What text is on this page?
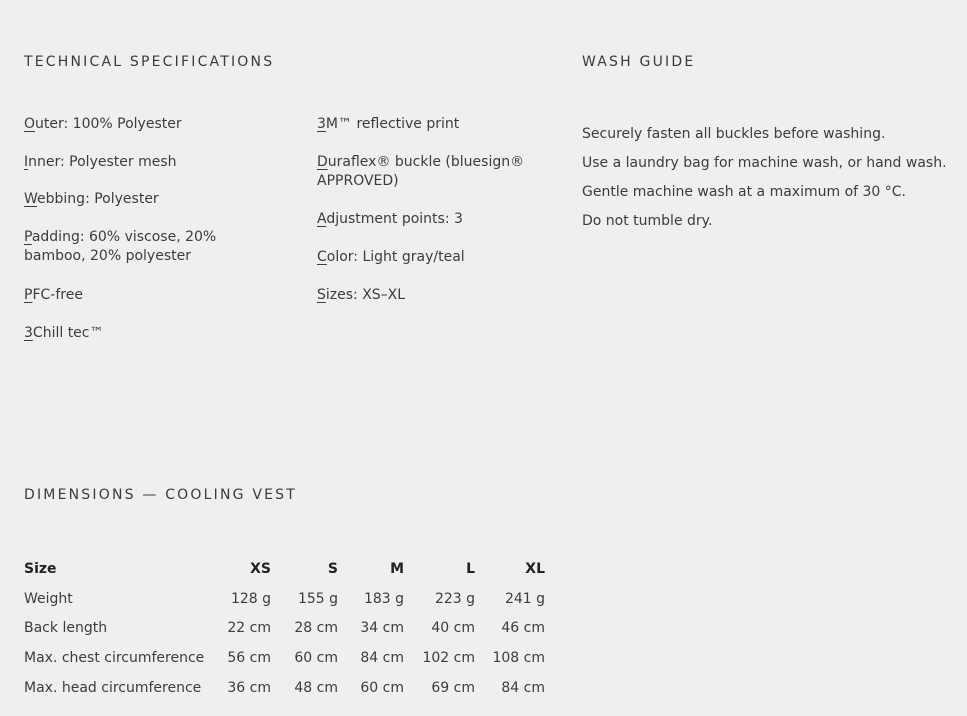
TECHNICAL SPECIFICATIONS
Outer: 100% Polyester
Inner: Polyester mesh
Webbing: Polyester
Padding: 60% viscose, 20% bamboo, 20% polyester
PFC-free
3Chill tec™
3M™ reflective print
Duraflex® buckle (bluesign® APPROVED)
Adjustment points: 3
Color: Light gray/teal
Sizes: XS–XL
WASH GUIDE
Securely fasten all buckles before washing.
Use a laundry bag for machine wash, or hand wash.
Gentle machine wash at a maximum of 30 °C.
Do not tumble dry.
DIMENSIONS — COOLING VEST
Size	XS	S	M	L	XL
Weight	128 g	155 g	183 g	223 g	241 g
Back length	22 cm	28 cm	34 cm	40 cm	46 cm
Max. chest circumference	56 cm	60 cm	84 cm	102 cm	108 cm
Max. head circumference	36 cm	48 cm	60 cm	69 cm	84 cm
